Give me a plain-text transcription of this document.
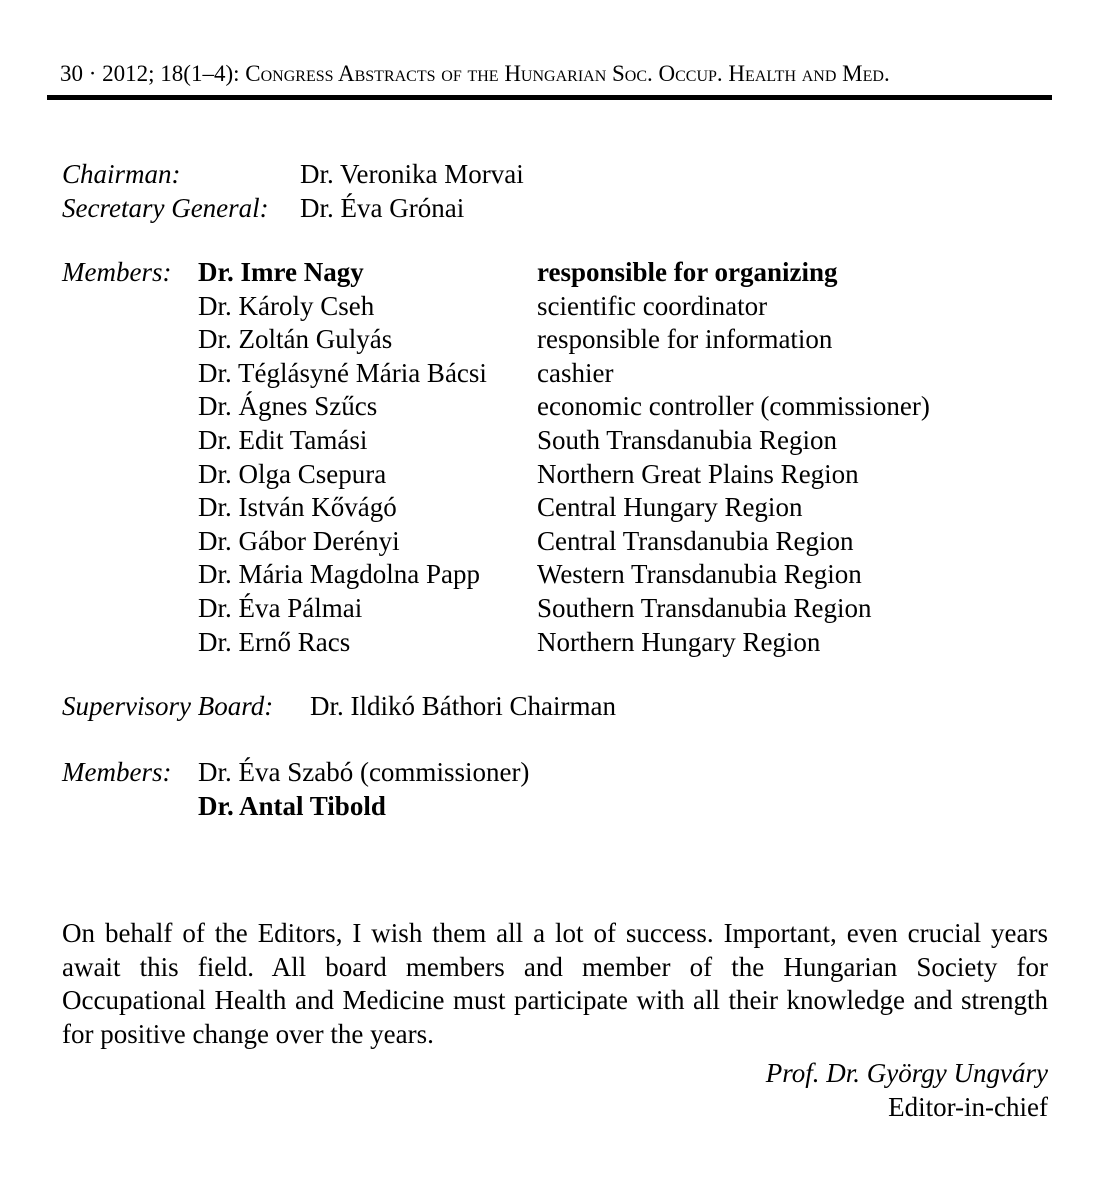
30 · 2012; 18(1–4): Congress Abstracts of the Hungarian Soc. Occup. Health and Med.
Chairman:	Dr. Veronika Morvai
Secretary General:	Dr. Éva Grónai
Members: Dr. Imre Nagy	responsible for organizing
Dr. Károly Cseh	scientific coordinator
Dr. Zoltán Gulyás	responsible for information
Dr. Téglásyné Mária Bácsi	cashier
Dr. Ágnes Szűcs	economic controller (commissioner)
Dr. Edit Tamási	South Transdanubia Region
Dr. Olga Csepura	Northern Great Plains Region
Dr. István Kővágó	Central Hungary Region
Dr. Gábor Derényi	Central Transdanubia Region
Dr. Mária Magdolna Papp	Western Transdanubia Region
Dr. Éva Pálmai	Southern Transdanubia Region
Dr. Ernő Racs	Northern Hungary Region
Supervisory Board:	Dr. Ildikó Báthori Chairman
Members: Dr. Éva Szabó (commissioner)
Dr. Antal Tibold

On behalf of the Editors, I wish them all a lot of success. Important, even crucial years await this field. All board members and member of the Hungarian Society for Occupational Health and Medicine must participate with all their knowledge and strength for positive change over the years.

Prof. Dr. György Ungváry
Editor-in-chief
